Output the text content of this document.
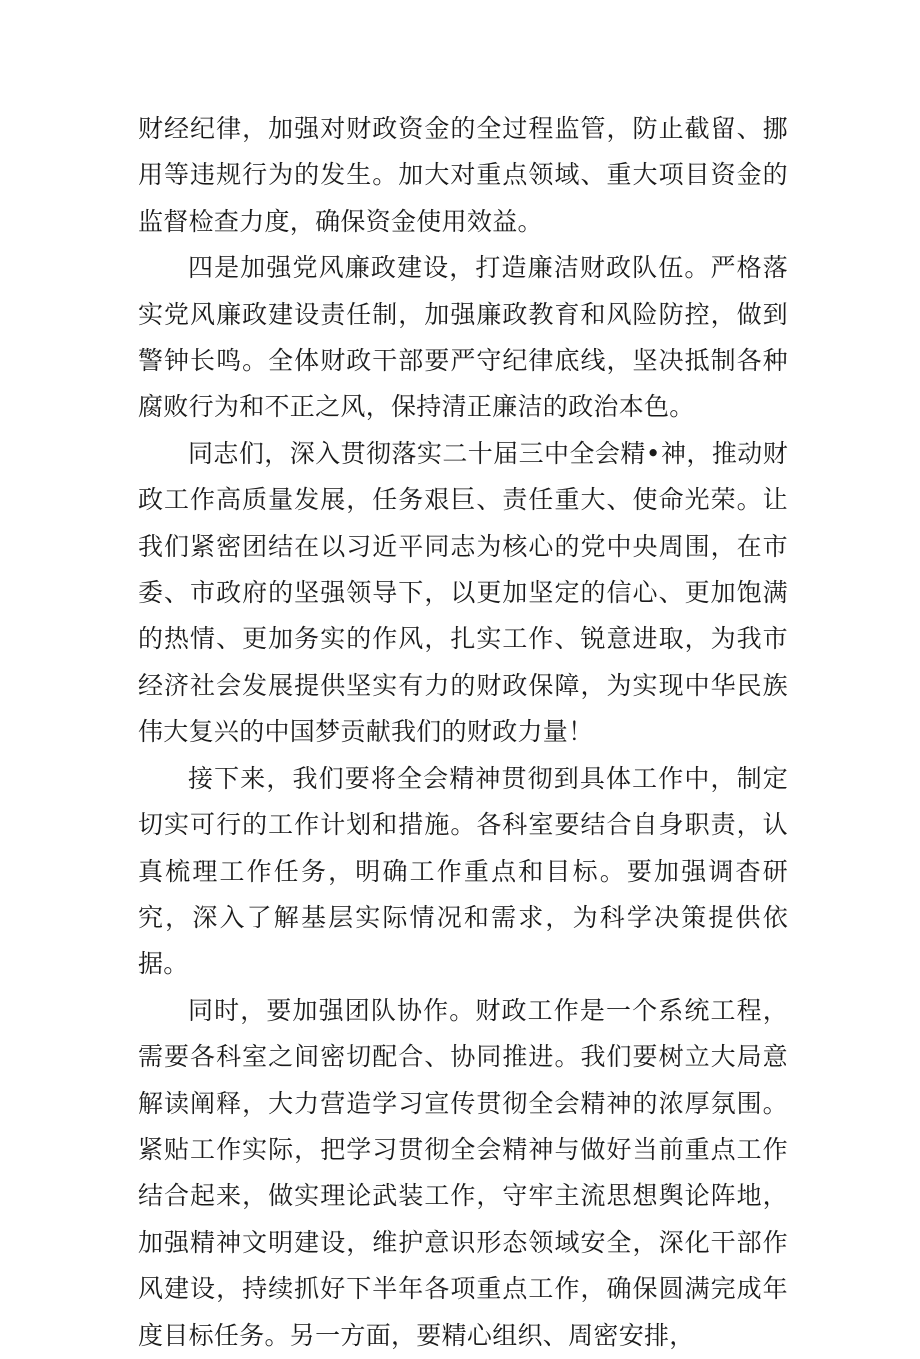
财经纪律，加强对财政资金的全过程监管，防止截留、挪用等违规行为的发生。加大对重点领域、重大项目资金的监督检查力度，确保资金使用效益。

四是加强党风廉政建设，打造廉洁财政队伍。严格落实党风廉政建设责任制，加强廉政教育和风险防控，做到警钟长鸣。全体财政干部要严守纪律底线，坚决抵制各种腐败行为和不正之风，保持清正廉洁的政治本色。

同志们，深入贯彻落实二十届三中全会精•神，推动财政工作高质量发展，任务艰巨、责任重大、使命光荣。让我们紧密团结在以习近平同志为核心的党中央周围，在市委、市政府的坚强领导下，以更加坚定的信心、更加饱满的热情、更加务实的作风，扎实工作、锐意进取，为我市经济社会发展提供坚实有力的财政保障，为实现中华民族伟大复兴的中国梦贡献我们的财政力量！

接下来，我们要将全会精神贯彻到具体工作中，制定切实可行的工作计划和措施。各科室要结合自身职责，认真梳理工作任务，明确工作重点和目标。要加强调杳研究，深入了解基层实际情况和需求，为科学决策提供依据。

同时，要加强团队协作。财政工作是一个系统工程，需要各科室之间密切配合、协同推进。我们要树立大局意解读阐释，大力营造学习宣传贯彻全会精神的浓厚氛围。紧贴工作实际，把学习贯彻全会精神与做好当前重点工作结合起来，做实理论武装工作，守牢主流思想舆论阵地，加强精神文明建设，维护意识形态领域安全，深化干部作风建设，持续抓好下半年各项重点工作，确保圆满完成年度目标任务。另一方面，要精心组织、周密安排，
